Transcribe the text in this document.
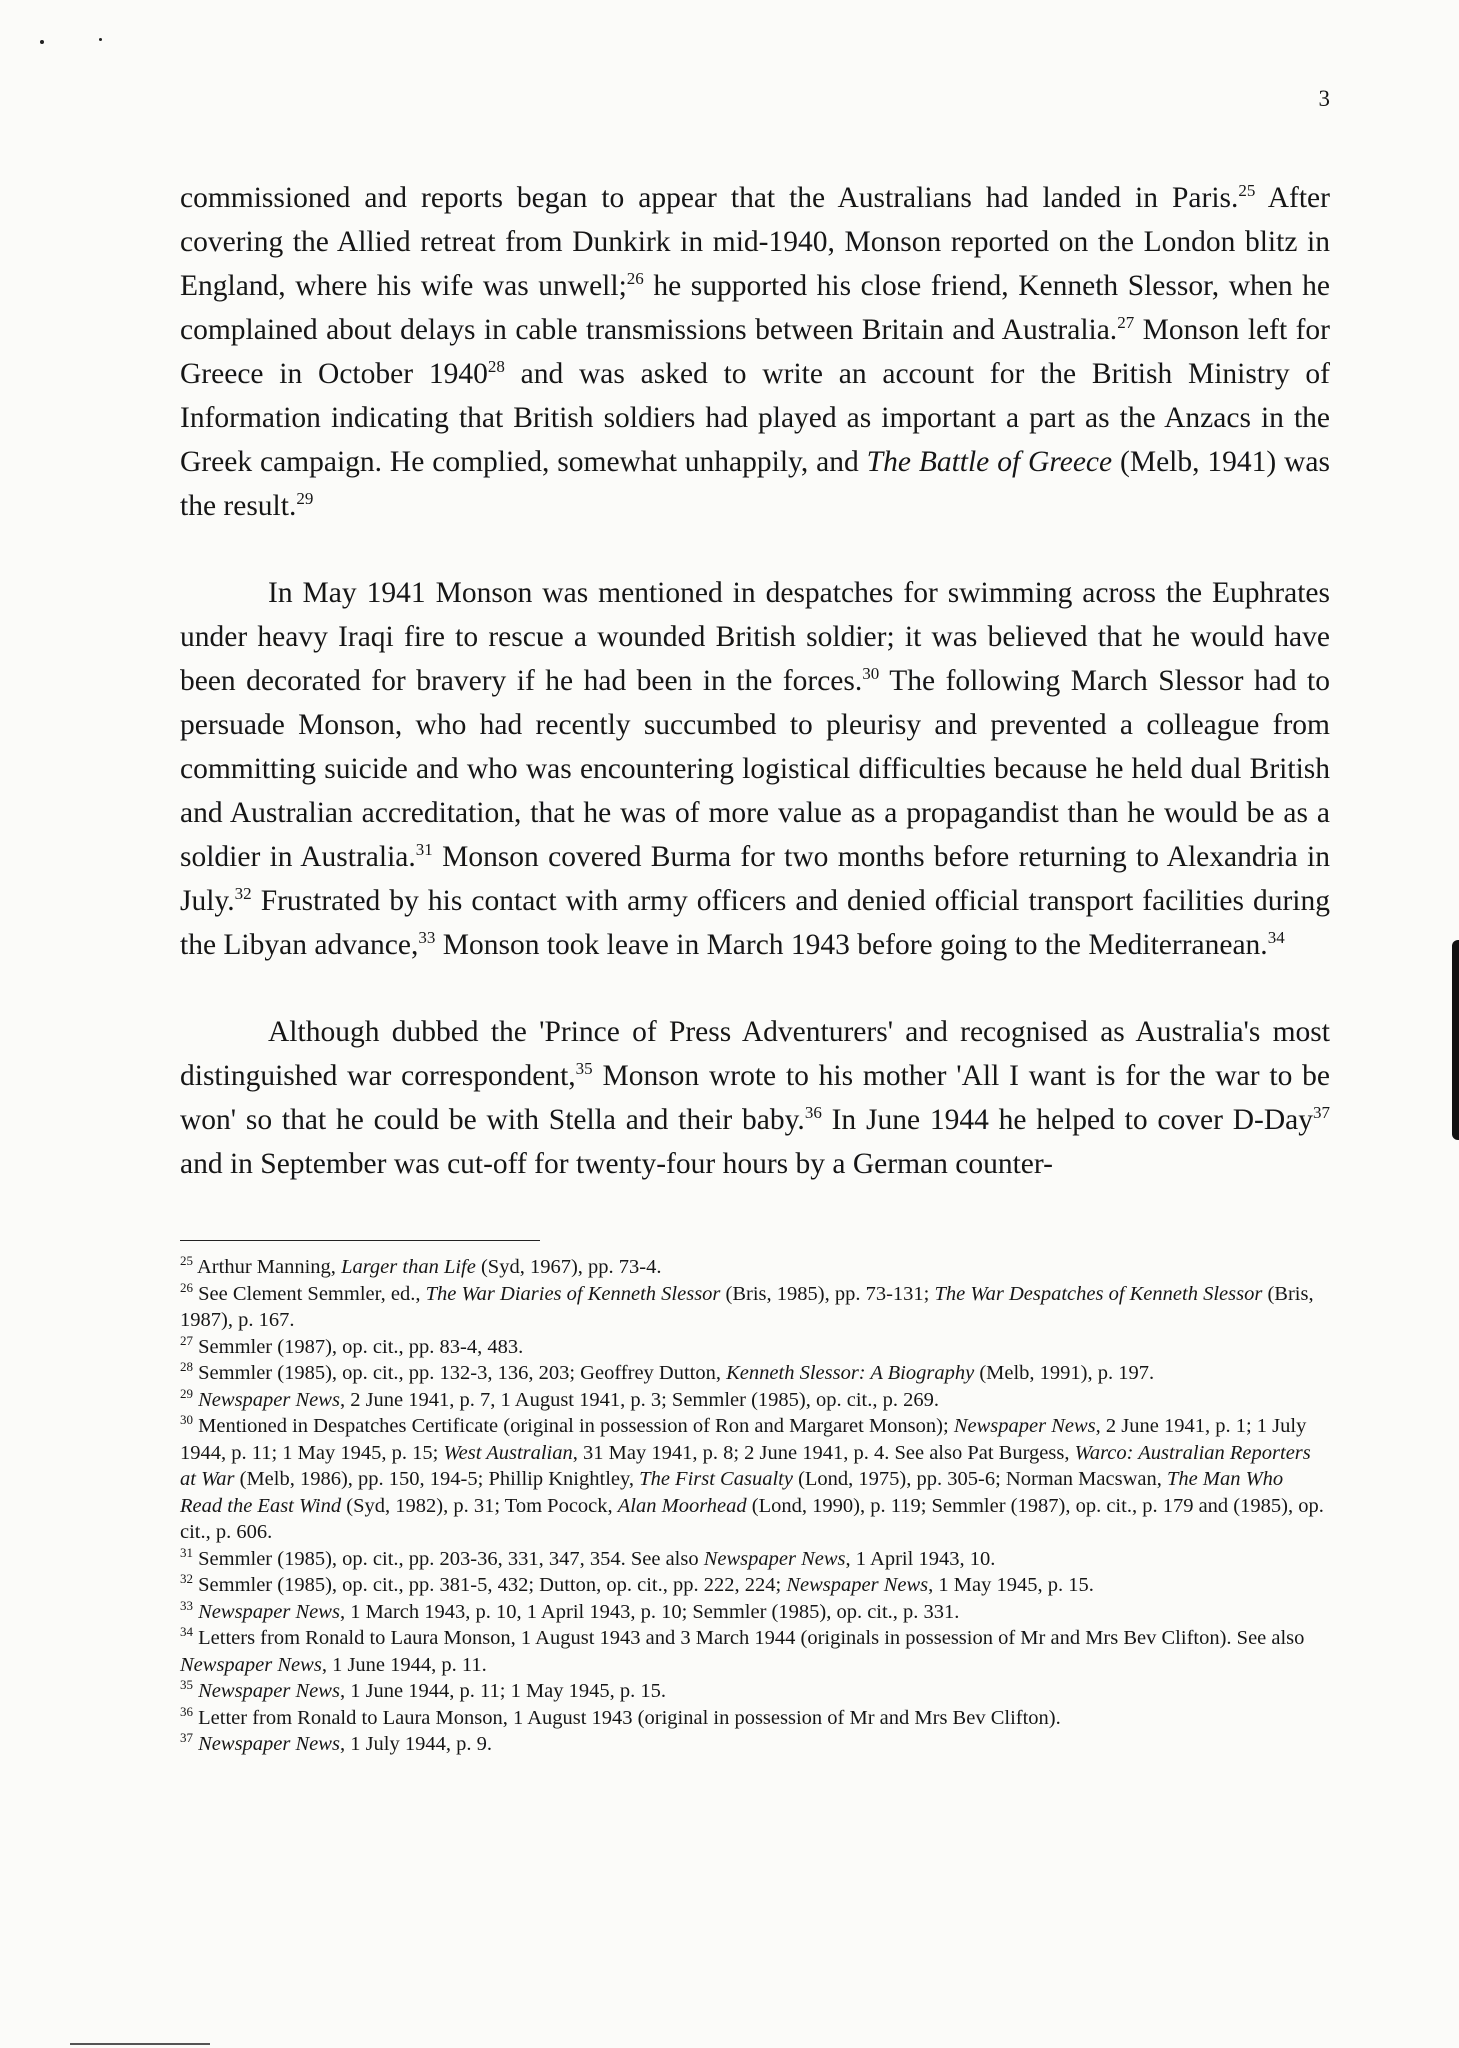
3

commissioned and reports began to appear that the Australians had landed in Paris.$^{25}$ After covering the Allied retreat from Dunkirk in mid-1940, Monson reported on the London blitz in England, where his wife was unwell;$^{26}$ he supported his close friend, Kenneth Slessor, when he complained about delays in cable transmissions between Britain and Australia.$^{27}$ Monson left for Greece in October 1940$^{28}$ and was asked to write an account for the British Ministry of Information indicating that British soldiers had played as important a part as the Anzacs in the Greek campaign. He complied, somewhat unhappily, and The Battle of Greece (Melb, 1941) was the result.$^{29}$

In May 1941 Monson was mentioned in despatches for swimming across the Euphrates under heavy Iraqi fire to rescue a wounded British soldier; it was believed that he would have been decorated for bravery if he had been in the forces.$^{30}$ The following March Slessor had to persuade Monson, who had recently succumbed to pleurisy and prevented a colleague from committing suicide and who was encountering logistical difficulties because he held dual British and Australian accreditation, that he was of more value as a propagandist than he would be as a soldier in Australia.$^{31}$ Monson covered Burma for two months before returning to Alexandria in July.$^{32}$ Frustrated by his contact with army officers and denied official transport facilities during the Libyan advance,$^{33}$ Monson took leave in March 1943 before going to the Mediterranean.$^{34}$

Although dubbed the 'Prince of Press Adventurers' and recognised as Australia's most distinguished war correspondent,$^{35}$ Monson wrote to his mother 'All I want is for the war to be won' so that he could be with Stella and their baby.$^{36}$ In June 1944 he helped to cover D-Day$^{37}$ and in September was cut-off for twenty-four hours by a German counter-

$^{25}$ Arthur Manning, Larger than Life (Syd, 1967), pp. 73-4.
$^{26}$ See Clement Semmler, ed., The War Diaries of Kenneth Slessor (Bris, 1985), pp. 73-131; The War Despatches of Kenneth Slessor (Bris, 1987), p. 167.
$^{27}$ Semmler (1987), op. cit., pp. 83-4, 483.
$^{28}$ Semmler (1985), op. cit., pp. 132-3, 136, 203; Geoffrey Dutton, Kenneth Slessor: A Biography (Melb, 1991), p. 197.
$^{29}$ Newspaper News, 2 June 1941, p. 7, 1 August 1941, p. 3; Semmler (1985), op. cit., p. 269.
$^{30}$ Mentioned in Despatches Certificate (original in possession of Ron and Margaret Monson); Newspaper News, 2 June 1941, p. 1; 1 July 1944, p. 11; 1 May 1945, p. 15; West Australian, 31 May 1941, p. 8; 2 June 1941, p. 4. See also Pat Burgess, Warco: Australian Reporters at War (Melb, 1986), pp. 150, 194-5; Phillip Knightley, The First Casualty (Lond, 1975), pp. 305-6; Norman Macswan, The Man Who Read the East Wind (Syd, 1982), p. 31; Tom Pocock, Alan Moorhead (Lond, 1990), p. 119; Semmler (1987), op. cit., p. 179 and (1985), op. cit., p. 606.
$^{31}$ Semmler (1985), op. cit., pp. 203-36, 331, 347, 354. See also Newspaper News, 1 April 1943, 10.
$^{32}$ Semmler (1985), op. cit., pp. 381-5, 432; Dutton, op. cit., pp. 222, 224; Newspaper News, 1 May 1945, p. 15.
$^{33}$ Newspaper News, 1 March 1943, p. 10, 1 April 1943, p. 10; Semmler (1985), op. cit., p. 331.
$^{34}$ Letters from Ronald to Laura Monson, 1 August 1943 and 3 March 1944 (originals in possession of Mr and Mrs Bev Clifton). See also Newspaper News, 1 June 1944, p. 11.
$^{35}$ Newspaper News, 1 June 1944, p. 11; 1 May 1945, p. 15.
$^{36}$ Letter from Ronald to Laura Monson, 1 August 1943 (original in possession of Mr and Mrs Bev Clifton).
$^{37}$ Newspaper News, 1 July 1944, p. 9.
